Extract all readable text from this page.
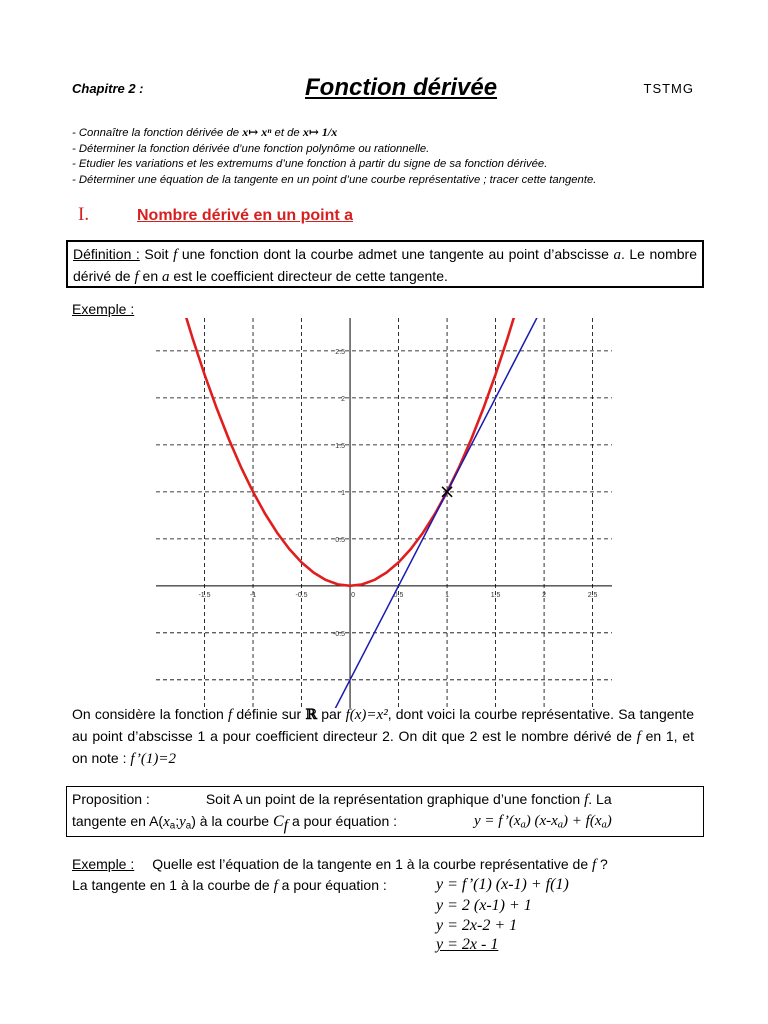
Chapitre 2 :	Fonction dérivée	TSTMG
- Connaître la fonction dérivée de x↦ xⁿ et de x↦ 1/x
- Déterminer la fonction dérivée d’une fonction polynôme ou rationnelle.
- Etudier les variations et les extremums d’une fonction à partir du signe de sa fonction dérivée.
- Déterminer une équation de la tangente en un point d’une courbe représentative ; tracer cette tangente.
I.	Nombre dérivé en un point a
Définition : Soit f une fonction dont la courbe admet une tangente au point d’abscisse a. Le nombre dérivé de f en a est le coefficient directeur de cette tangente.
Exemple :
-1.5	-1	-0.5	0	0.5	1	1.5	2	2.5
-0.5
0.5
1
1.5
2
2.5
On considère la fonction f définie sur ℝ par f(x)=x², dont voici la courbe représentative. Sa tangente au point d’abscisse 1 a pour coefficient directeur 2. On dit que 2 est le nombre dérivé de f en 1, et on note : f’(1)=2
Proposition :	Soit A un point de la représentation graphique d’une fonction f. La
tangente en $A(x_a;y_a)$ à la courbe $C_f$ a pour équation :	$y = f’(x_a) (x-x_a) + f(x_a)$
Exemple : Quelle est l’équation de la tangente en 1 à la courbe représentative de f ?
La tangente en 1 à la courbe de f a pour équation :	y = f’(1) (x-1) + f(1)
y = 2 (x-1) + 1
y = 2x-2 + 1
y = 2x - 1
